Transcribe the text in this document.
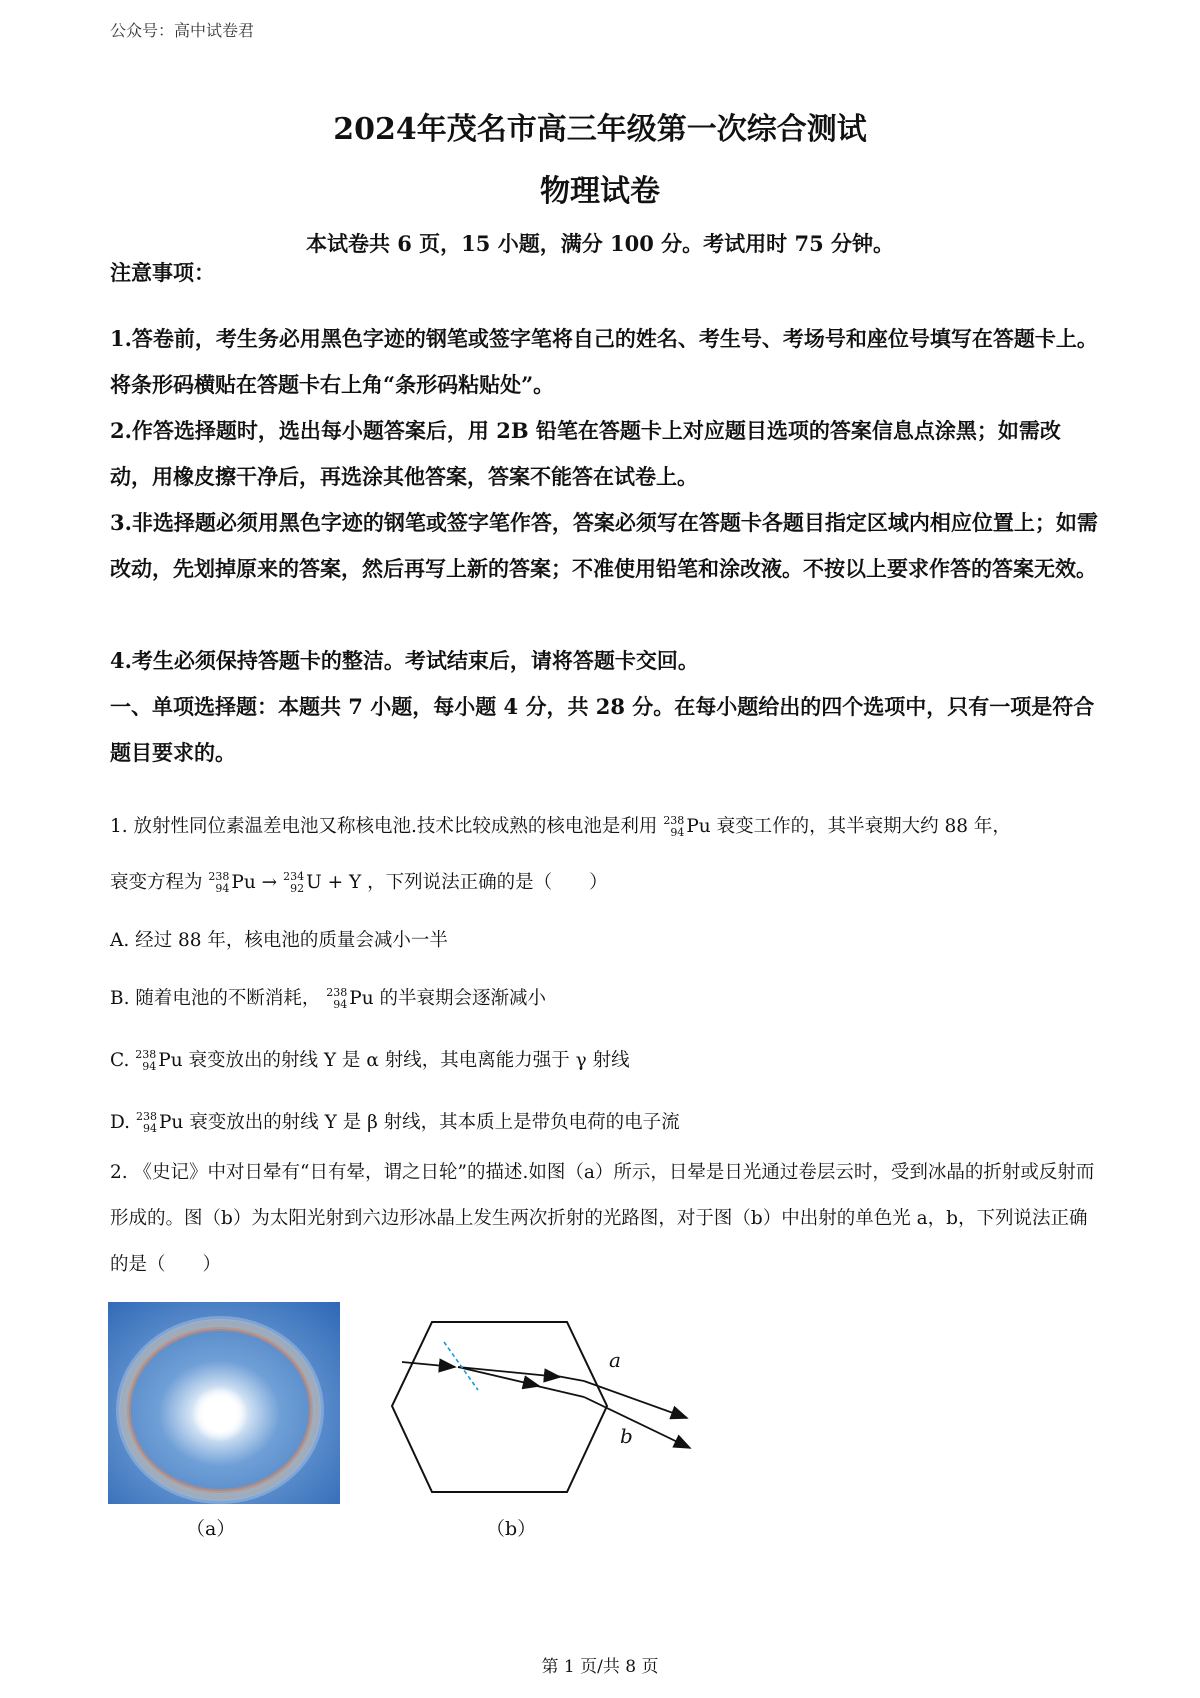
公众号：高中试卷君
2024年茂名市高三年级第一次综合测试
物理试卷
本试卷共 6 页，15 小题，满分 100 分。考试用时 75 分钟。
注意事项：
1.答卷前，考生务必用黑色字迹的钢笔或签字笔将自己的姓名、考生号、考场号和座位号填写在答题卡上。将条形码横贴在答题卡右上角“条形码粘贴处”。
2.作答选择题时，选出每小题答案后，用 2B 铅笔在答题卡上对应题目选项的答案信息点涂黑；如需改动，用橡皮擦干净后，再选涂其他答案，答案不能答在试卷上。
3.非选择题必须用黑色字迹的钢笔或签字笔作答，答案必须写在答题卡各题目指定区域内相应位置上；如需改动，先划掉原来的答案，然后再写上新的答案；不准使用铅笔和涂改液。不按以上要求作答的答案无效。
4.考生必须保持答题卡的整洁。考试结束后，请将答题卡交回。
一、单项选择题：本题共 7 小题，每小题 4 分，共 28 分。在每小题给出的四个选项中，只有一项是符合题目要求的。
1. 放射性同位素温差电池又称核电池.技术比较成熟的核电池是利用 238
94 Pu 衰变工作的，其半衰期大约 88 年，
衰变方程为 238
94 Pu → 234
92 U + Y ，下列说法正确的是（　　）
A. 经过 88 年，核电池的质量会减小一半
B. 随着电池的不断消耗， 238
94 Pu 的半衰期会逐渐减小
C. 238
94 Pu 衰变放出的射线 Y 是 α 射线，其电离能力强于 γ 射线
D. 238
94 Pu 衰变放出的射线 Y 是 β 射线，其本质上是带负电荷的电子流
2. 《史记》中对日晕有“日有晕，谓之日轮”的描述.如图（a）所示，日晕是日光通过卷层云时，受到冰晶的折射或反射而形成的。图（b）为太阳光射到六边形冰晶上发生两次折射的光路图，对于图（b）中出射的单色光 a，b，下列说法正确的是（　　）
（a）
a
b
（b）
第 1 页/共 8 页
